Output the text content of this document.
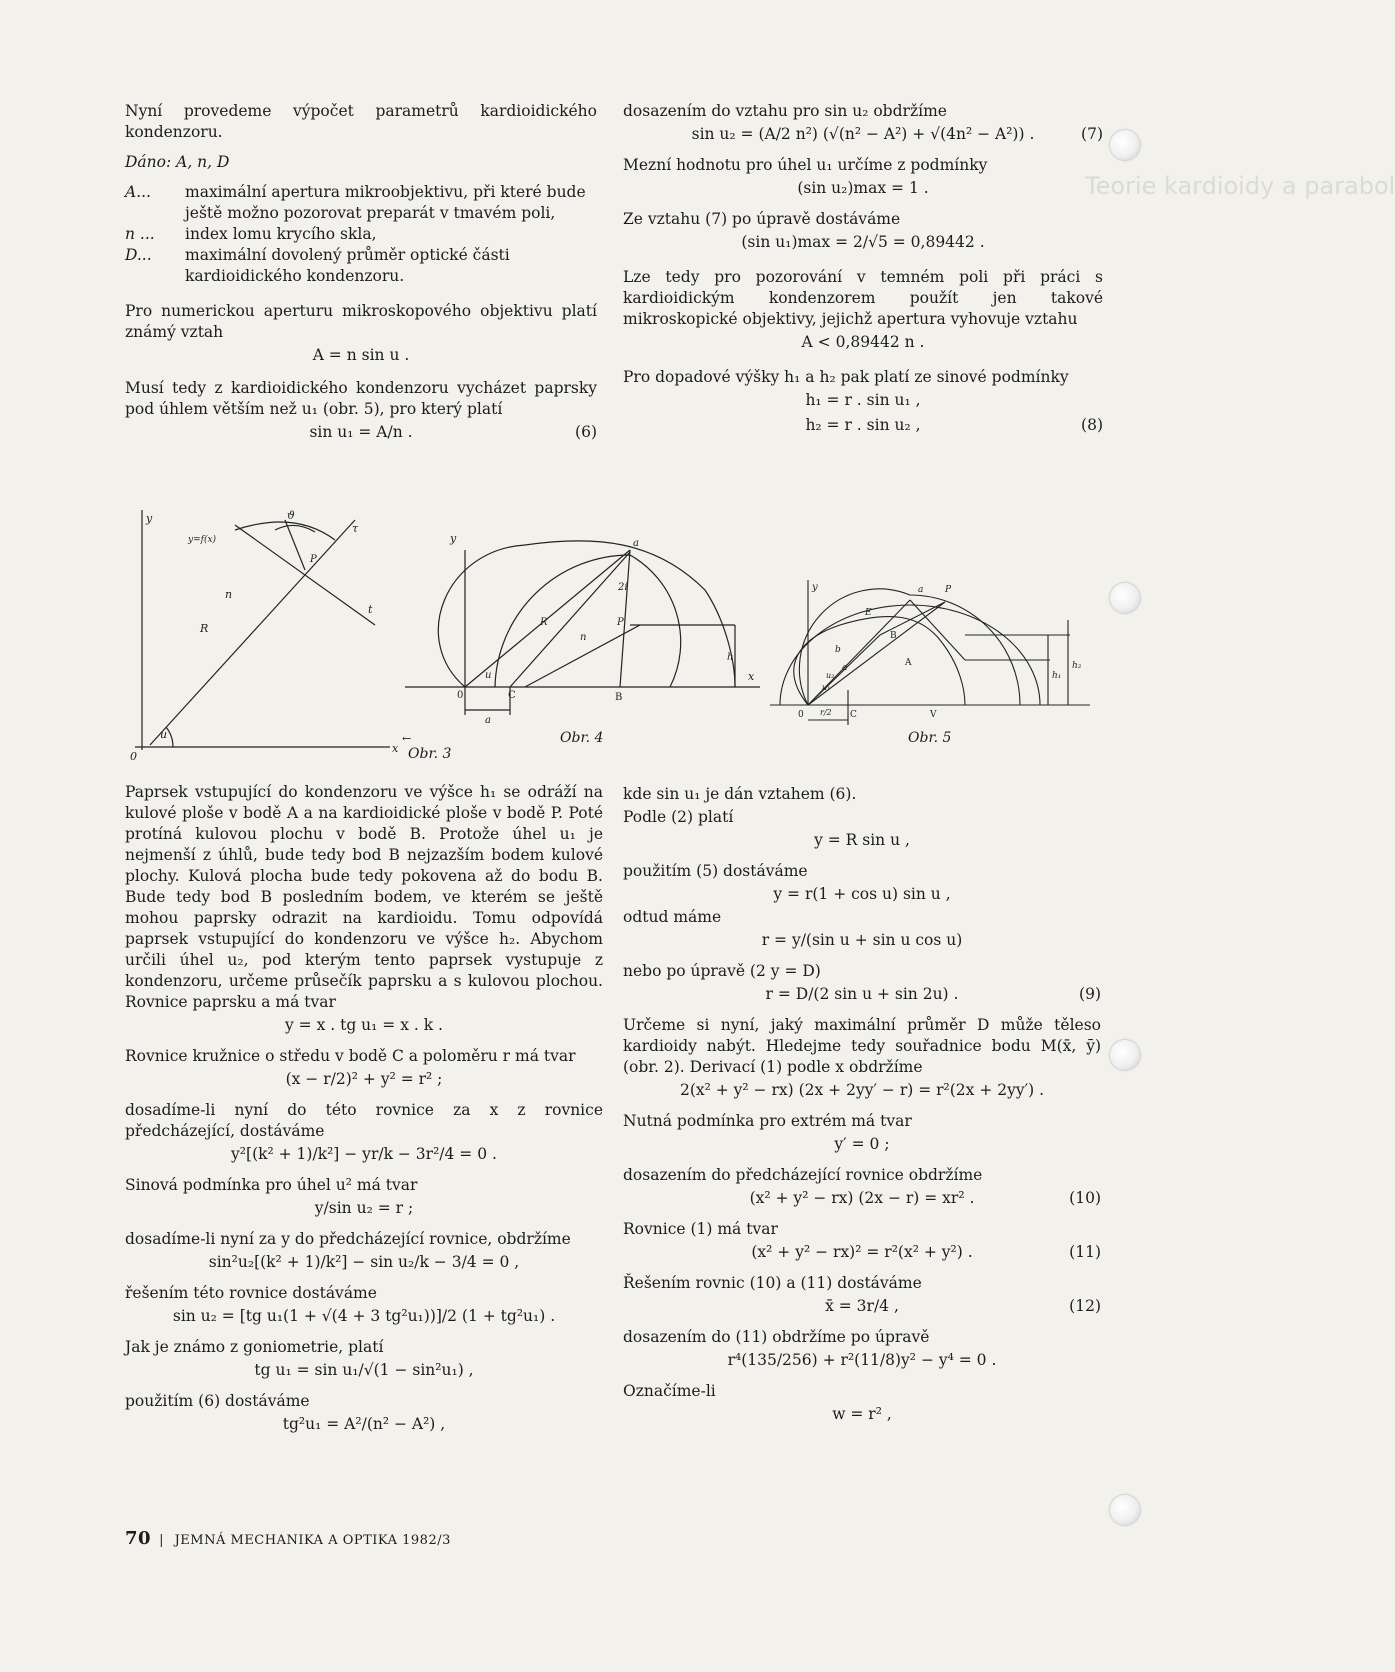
Teorie kardioidy a parabol

Nyní provedeme výpočet parametrů kardioidického kondenzoru.

Dáno: A, n, D

A...	maximální apertura mikroobjektivu, při které bude ještě možno pozorovat preparát v tmavém poli,
n ...	index lomu krycího skla,
D...	maximální dovolený průměr optické části kardioidického kondenzoru.

Pro numerickou aperturu mikroskopového objektivu platí známý vztah

A = n sin u .

Musí tedy z kardioidického kondenzoru vycházet paprsky pod úhlem větším než u₁ (obr. 5), pro který platí

sin u₁ = A/n .	(6)

dosazením do vztahu pro sin u₂ obdržíme

sin u₂ = (A/2 n²) (√(n² − A²) + √(4n² − A²)) .	(7)

Mezní hodnotu pro úhel u₁ určíme z podmínky

(sin u₂)max = 1 .

Ze vztahu (7) po úpravě dostáváme

(sin u₁)max = 2/√5 = 0,89442 .

Lze tedy pro pozorování v temném poli při práci s kardioidickým kondenzorem použít jen takové mikroskopické objektivy, jejichž apertura vyhovuje vztahu

A < 0,89442 n .

Pro dopadové výšky h₁ a h₂ pak platí ze sinové podmínky

h₁ = r . sin u₁ ,
h₂ = r . sin u₂ ,	(8)
y
x
0
y=f(x)
ϑ
τ
t
n
R
P
u	←
Obr. 3
y
x
0	C	B
a
P
R
n
u
2i
h
a
Obr. 4
y
0	C	V
a P
B
A
E
b
a
u₁
u₂	h₁
h₂
r/2
Obr. 5

Paprsek vstupující do kondenzoru ve výšce h₁ se odráží na kulové ploše v bodě A a na kardioidické ploše v bodě P. Poté protíná kulovou plochu v bodě B. Protože úhel u₁ je nejmenší z úhlů, bude tedy bod B nejzazším bodem kulové plochy. Kulová plocha bude tedy pokovena až do bodu B. Bude tedy bod B posledním bodem, ve kterém se ještě mohou paprsky odrazit na kardioidu. Tomu odpovídá paprsek vstupující do kondenzoru ve výšce h₂. Abychom určili úhel u₂, pod kterým tento paprsek vystupuje z kondenzoru, určeme průsečík paprsku a s kulovou plochou. Rovnice paprsku a má tvar

y = x . tg u₁ = x . k .

Rovnice kružnice o středu v bodě C a poloměru r má tvar

(x − r/2)² + y² = r² ;

dosadíme-li nyní do této rovnice za x z rovnice předcházející, dostáváme

y²[(k² + 1)/k²] − yr/k − 3r²/4 = 0 .

Sinová podmínka pro úhel u² má tvar

y/sin u₂ = r ;

dosadíme-li nyní za y do předcházející rovnice, obdržíme

sin²u₂[(k² + 1)/k²] − sin u₂/k − 3/4 = 0 ,

řešením této rovnice dostáváme

sin u₂ = [tg u₁(1 + √(4 + 3 tg²u₁))]/2 (1 + tg²u₁) .

Jak je známo z goniometrie, platí

tg u₁ = sin u₁/√(1 − sin²u₁) ,

použitím (6) dostáváme

tg²u₁ = A²/(n² − A²) ,

kde sin u₁ je dán vztahem (6).

Podle (2) platí

y = R sin u ,

použitím (5) dostáváme

y = r(1 + cos u) sin u ,

odtud máme

r = y/(sin u + sin u cos u)

nebo po úpravě (2 y = D)

r = D/(2 sin u + sin 2u) .	(9)

Určeme si nyní, jaký maximální průměr D může těleso kardioidy nabýt. Hledejme tedy souřadnice bodu M(x̄, ȳ) (obr. 2). Derivací (1) podle x obdržíme

2(x² + y² − rx) (2x + 2yy′ − r) = r²(2x + 2yy′) .

Nutná podmínka pro extrém má tvar

y′ = 0 ;

dosazením do předcházející rovnice obdržíme

(x² + y² − rx) (2x − r) = xr² .	(10)

Rovnice (1) má tvar

(x² + y² − rx)² = r²(x² + y²) .	(11)

Řešením rovnic (10) a (11) dostáváme

x̄ = 3r/4 ,	(12)

dosazením do (11) obdržíme po úpravě

r⁴(135/256) + r²(11/8)y² − y⁴ = 0 .

Označíme-li

w = r² ,
70 | JEMNÁ MECHANIKA A OPTIKA 1982/3
